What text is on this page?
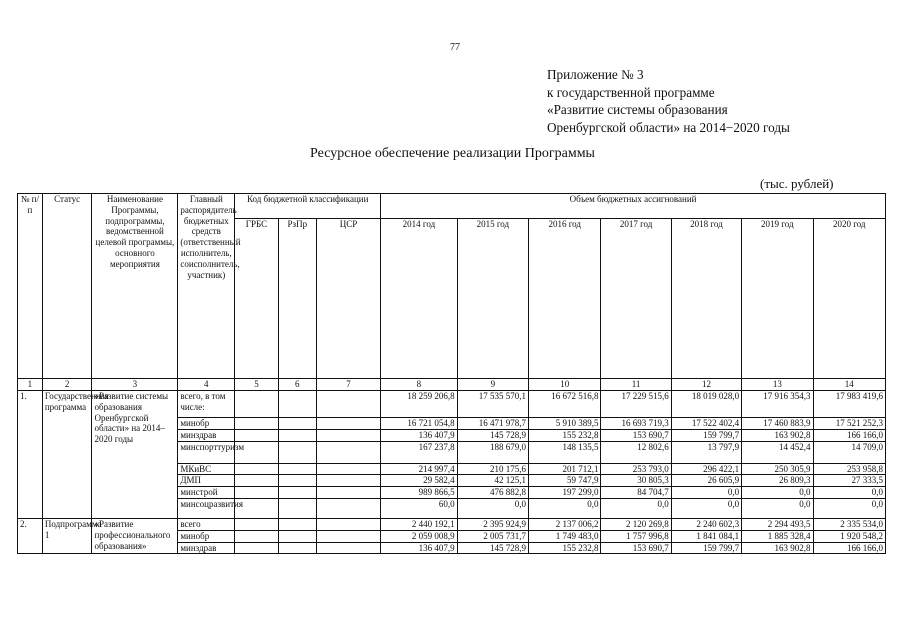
77
Приложение № 3
к государственной программе
«Развитие системы образования
Оренбургской области» на 2014−2020 годы
Ресурсное обеспечение реализации Программы
(тыс. рублей)
№ п/п	Статус	Наименование Программы, подпрограммы, ведомственной целевой программы, основного мероприятия	Главный распорядитель бюджетных средств (ответственный исполнитель, соисполнитель, участник)	Код бюджетной классификации			Объем бюджетных ассигнований						
				ГРБС	РзПр	ЦСР	2014 год	2015 год	2016 год	2017 год	2018 год	2019 год	2020 год
1	2	3	4	5	6	7	8	9	10	11	12	13	14
1.	Государственная программа	«Развитие системы образования Оренбургской области» на 2014–2020 годы	всего, в том числе:				18 259 206,8	17 535 570,1	16 672 516,8	17 229 515,6	18 019 028,0	17 916 354,3	17 983 419,6
			минобр				16 721 054,8	16 471 978,7	5 910 389,5	16 693 719,3	17 522 402,4	17 460 883,9	17 521 252,3
			минздрав				136 407,9	145 728,9	155 232,8	153 690,7	159 799,7	163 902,8	166 166,0
			минспорттуризм				167 237,8	188 679,0	148 135,5	12 802,6	13 797,9	14 452,4	14 709,0
			МКиВС				214 997,4	210 175,6	201 712,1	253 793,0	296 422,1	250 305,9	253 958,8
			ДМП				29 582,4	42 125,1	59 747,9	30 805,3	26 605,9	26 809,3	27 333,5
			минстрой				989 866,5	476 882,8	197 299,0	84 704,7	0,0	0,0	0,0
			минсоцразвития				60,0	0,0	0,0	0,0	0,0	0,0	0,0
2.	Подпрограмма 1	«Развитие профессионального образования»	всего				2 440 192,1	2 395 924,9	2 137 006,2	2 120 269,8	2 240 602,3	2 294 493,5	2 335 534,0
			минобр				2 059 008,9	2 005 731,7	1 749 483,0	1 757 996,8	1 841 084,1	1 885 328,4	1 920 548,2
			минздрав				136 407,9	145 728,9	155 232,8	153 690,7	159 799,7	163 902,8	166 166,0
